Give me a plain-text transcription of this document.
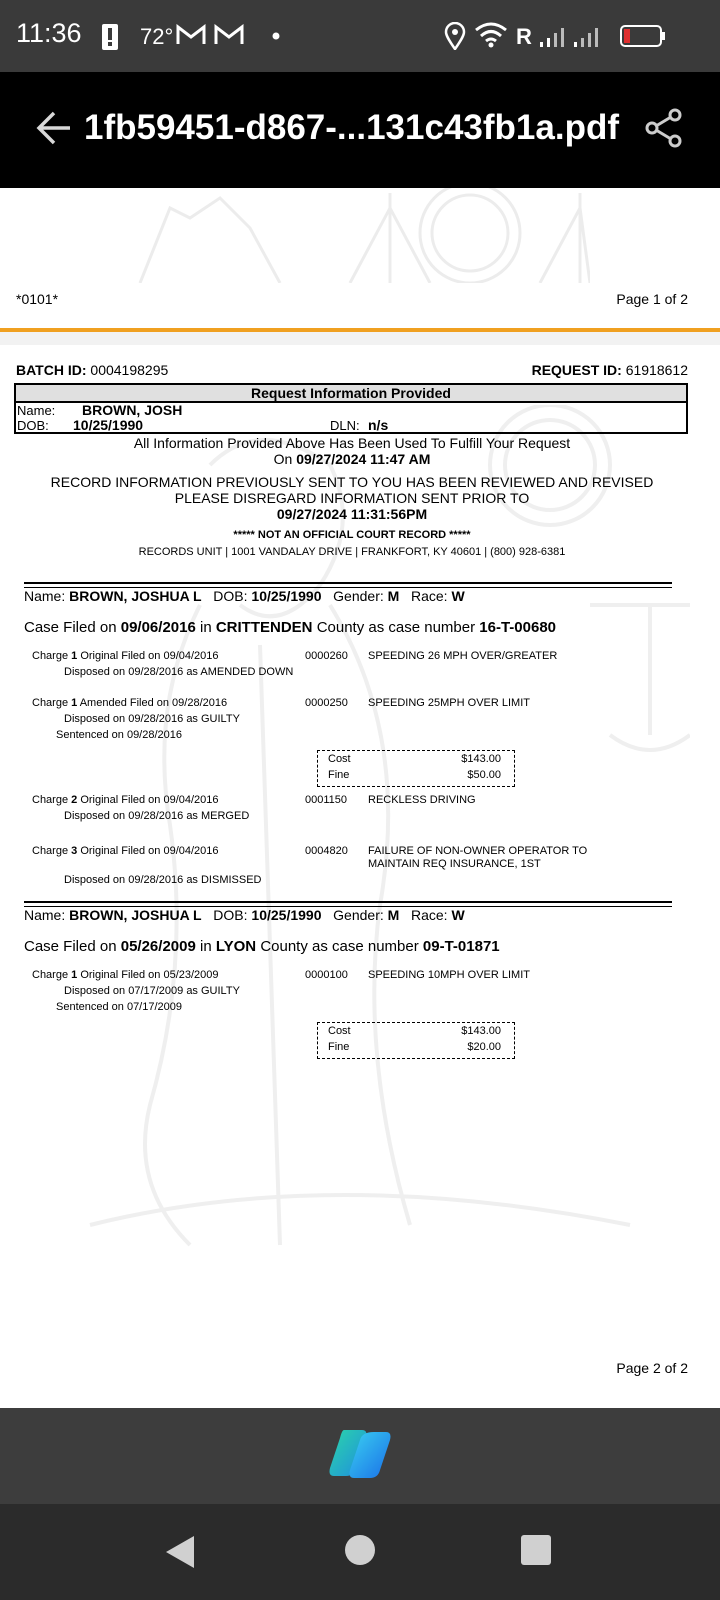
11:36	72°	R
1fb59451-d867-...131c43fb1a.pdf
*0101*	Page 1 of 2
BATCH ID: 0004198295	REQUEST ID: 61918612
Request Information Provided
Name: BROWN, JOSH
DOB: 10/25/1990	DLN: n/s
All Information Provided Above Has Been Used To Fulfill Your Request
On 09/27/2024 11:47 AM
RECORD INFORMATION PREVIOUSLY SENT TO YOU HAS BEEN REVIEWED AND REVISED
PLEASE DISREGARD INFORMATION SENT PRIOR TO
09/27/2024 11:31:56PM
***** NOT AN OFFICIAL COURT RECORD *****
RECORDS UNIT | 1001 VANDALAY DRIVE | FRANKFORT, KY 40601 | (800) 928-6381
Name: BROWN, JOSHUA L DOB: 10/25/1990 Gender: M Race: W
Case Filed on 09/06/2016 in CRITTENDEN County as case number 16-T-00680
Charge 1 Original Filed on 09/04/2016	0000260 SPEEDING 26 MPH OVER/GREATER
Disposed on 09/28/2016 as AMENDED DOWN
Charge 1 Amended Filed on 09/28/2016	0000250 SPEEDING 25MPH OVER LIMIT
Disposed on 09/28/2016 as GUILTY
Sentenced on 09/28/2016
Cost	$143.00
Fine	$50.00
Charge 2 Original Filed on 09/04/2016	0001150 RECKLESS DRIVING
Disposed on 09/28/2016 as MERGED
Charge 3 Original Filed on 09/04/2016	0004820 FAILURE OF NON-OWNER OPERATOR TO
MAINTAIN REQ INSURANCE, 1ST
Disposed on 09/28/2016 as DISMISSED
Name: BROWN, JOSHUA L DOB: 10/25/1990 Gender: M Race: W
Case Filed on 05/26/2009 in LYON County as case number 09-T-01871
Charge 1 Original Filed on 05/23/2009	0000100 SPEEDING 10MPH OVER LIMIT
Disposed on 07/17/2009 as GUILTY
Sentenced on 07/17/2009
Cost	$143.00
Fine	$20.00
Page 2 of 2
